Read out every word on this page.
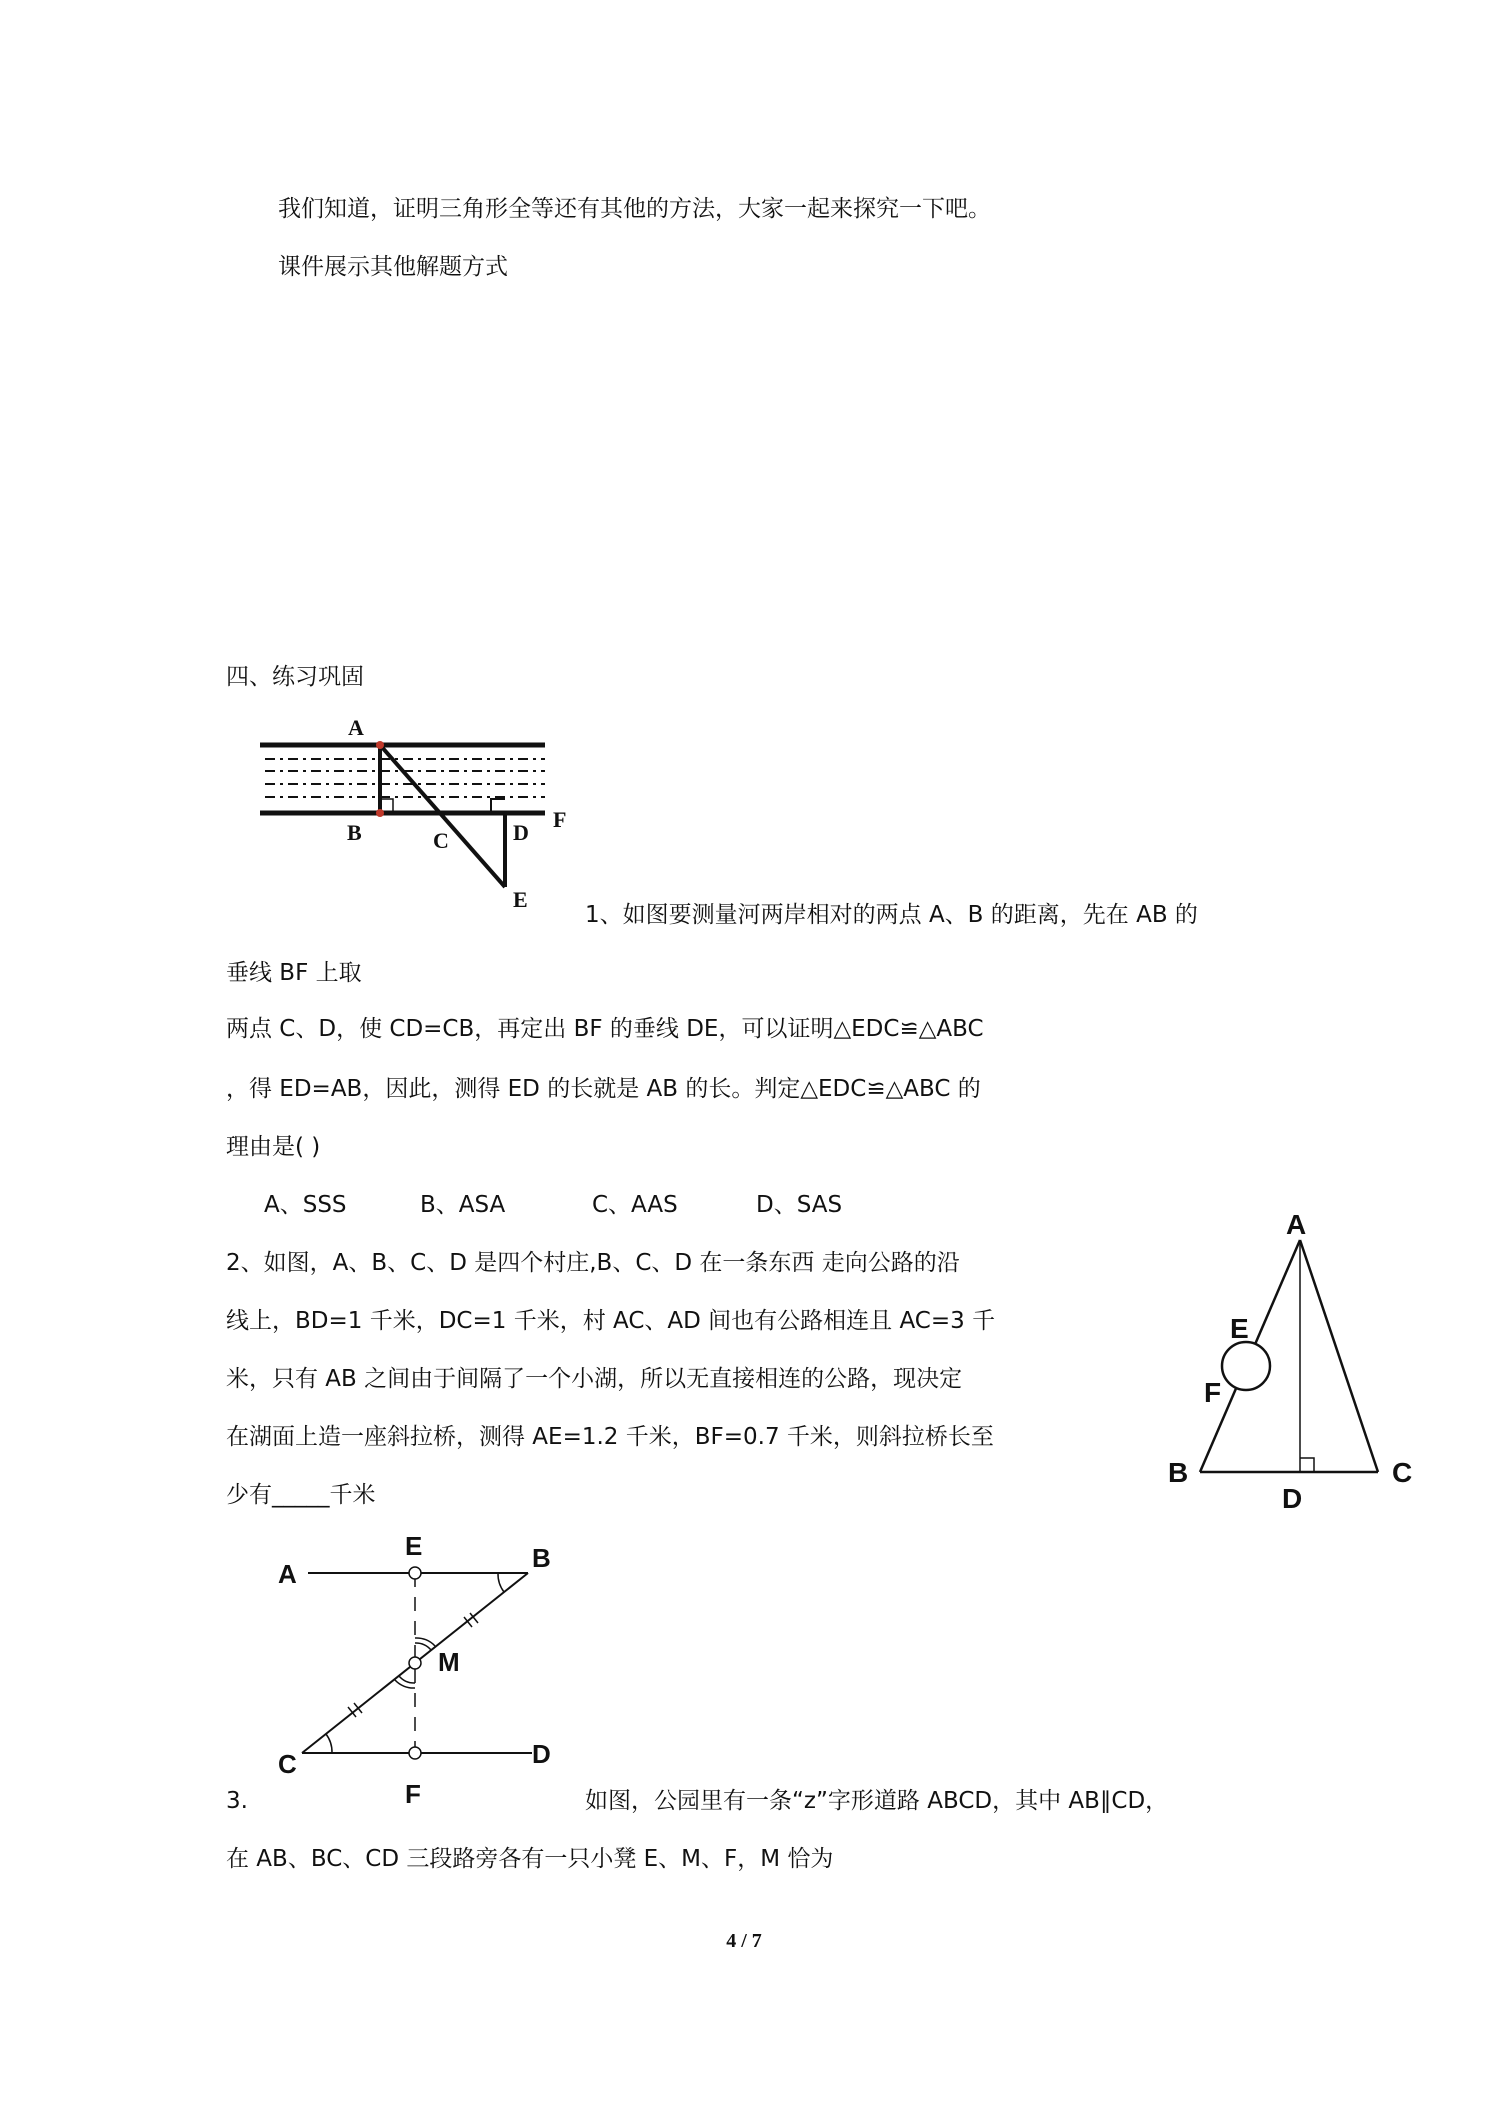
我们知道，证明三角形全等还有其他的方法，大家一起来探究一下吧。
课件展示其他解题方式
四、练习巩固
A
B	C	D
E
F
1、如图要测量河两岸相对的两点 A、B 的距离，先在 AB 的
垂线 BF 上取
两点 C、D，使 CD=CB，再定出 BF 的垂线 DE，可以证明△EDC≌△ABC
，得 ED=AB，因此，测得 ED 的长就是 AB 的长。判定△EDC≌△ABC 的
理由是( )
A、SSS	B、ASA	C、AAS	D、SAS
2、如图，A、B、C、D 是四个村庄,B、C、D 在一条东西 走向公路的沿
线上，BD=1 千米，DC=1 千米，村 AC、AD 间也有公路相连且 AC=3 千
米，只有 AB 之间由于间隔了一个小湖，所以无直接相连的公路，现决定
在湖面上造一座斜拉桥，测得 AE=1.2 千米，BF=0.7 千米，则斜拉桥长至
少有_____千米
A
E
F
B
D
C
A
E	B
M
C	D
F
3.	如图，公园里有一条“z”字形道路 ABCD，其中 AB∥CD，
在 AB、BC、CD 三段路旁各有一只小凳 E、M、F，M 恰为
4 / 7
